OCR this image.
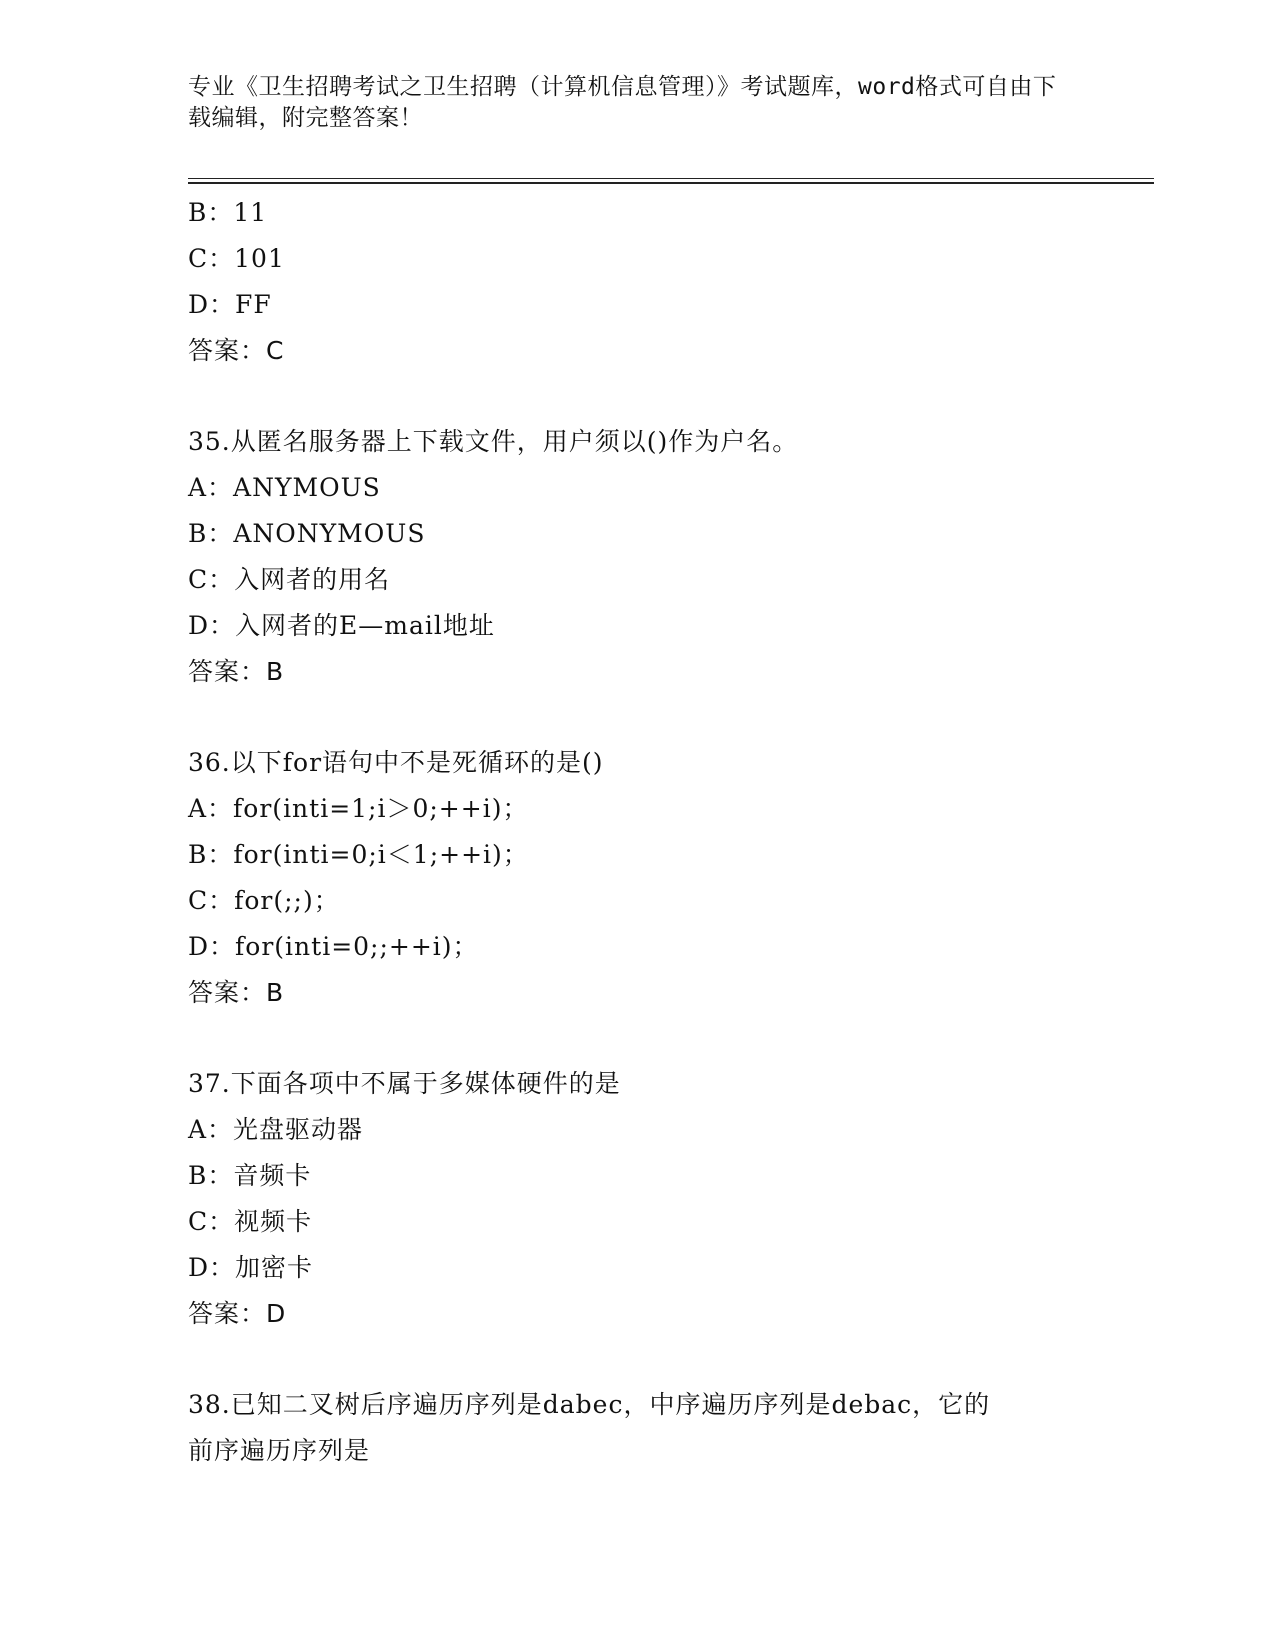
专业《卫生招聘考试之卫生招聘（计算机信息管理）》考试题库，word格式可自由下载编辑，附完整答案！
B：11
C：101
D：FF
答案：C
35.从匿名服务器上下载文件，用户须以()作为户名。
A：ANYMOUS
B：ANONYMOUS
C：入网者的用名
D：入网者的E—mail地址
答案：B
36.以下for语句中不是死循环的是()
A：for(inti=1;i＞0;++i)；
B：for(inti=0;i＜1;++i)；
C：for(;;)；
D：for(inti=0;;++i)；
答案：B
37.下面各项中不属于多媒体硬件的是
A：光盘驱动器
B：音频卡
C：视频卡
D：加密卡
答案：D
38.已知二叉树后序遍历序列是dabec，中序遍历序列是debac，它的
前序遍历序列是
